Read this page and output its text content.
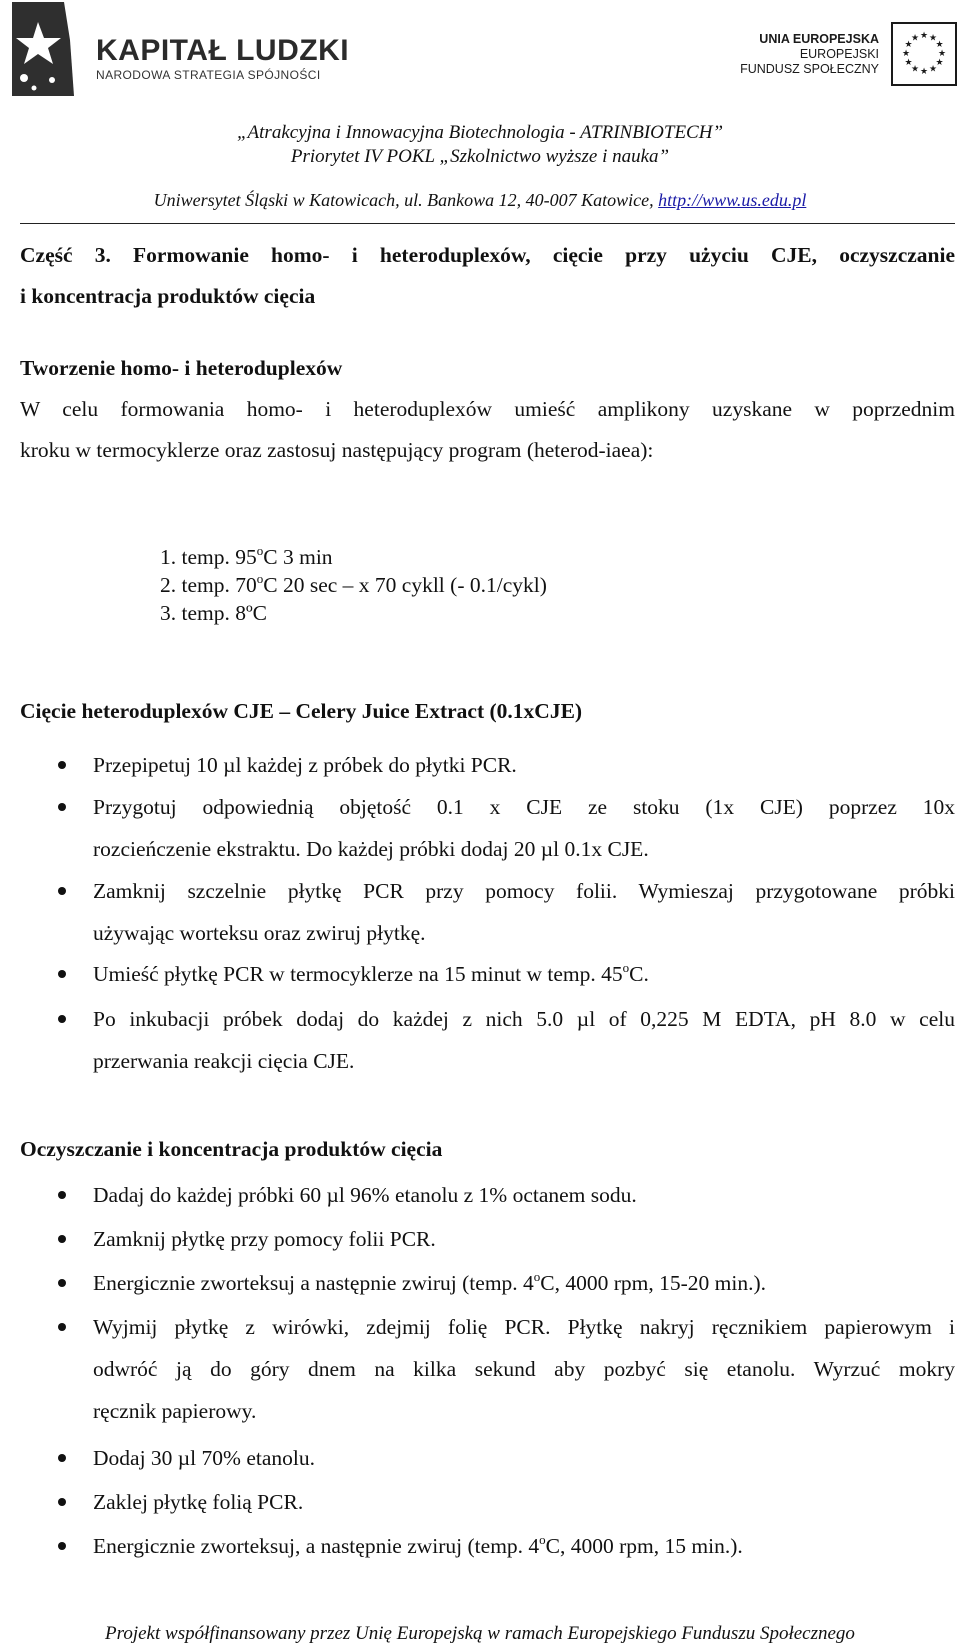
KAPITAŁ LUDZKI
NARODOWA STRATEGIA SPÓJNOŚCI
UNIA EUROPEJSKA
EUROPEJSKI
FUNDUSZ SPOŁECZNY
★ ★
★
★
★
★
★
★
★
★
★
★
„Atrakcyjna i Innowacyjna Biotechnologia - ATRINBIOTECH”
Priorytet IV POKL „Szkolnictwo wyższe i nauka”
Uniwersytet Śląski w Katowicach, ul. Bankowa 12, 40-007 Katowice, http://www.us.edu.pl
Część 3. Formowanie homo- i heteroduplexów, cięcie przy użyciu CJE, oczyszczanie
i koncentracja produktów cięcia
Tworzenie homo- i heteroduplexów
W celu formowania homo- i heteroduplexów umieść amplikony uzyskane w poprzednim
kroku w termocyklerze oraz zastosuj następujący program (heterod-iaea):
1. temp. 95$^o$C 3 min
2. temp. 70$^o$C 20 sec – x 70 cykll (- 0.1/cykl)
3. temp. 8ºC
Cięcie heteroduplexów CJE – Celery Juice Extract (0.1xCJE)
Przepipetuj 10 µl każdej z próbek do płytki PCR.
Przygotuj odpowiednią objętość 0.1 x CJE ze stoku (1x CJE) poprzez 10x
rozcieńczenie ekstraktu. Do każdej próbki dodaj 20 µl 0.1x CJE.
Zamknij szczelnie płytkę PCR przy pomocy folii. Wymieszaj przygotowane próbki
używając worteksu oraz zwiruj płytkę.
Umieść płytkę PCR w termocyklerze na 15 minut w temp. 45$^o$C.
Po inkubacji próbek dodaj do każdej z nich 5.0 µl of 0,225 M EDTA, pH 8.0 w celu
przerwania reakcji cięcia CJE.
Oczyszczanie i koncentracja produktów cięcia
Dadaj do każdej próbki 60 µl 96% etanolu z 1% octanem sodu.
Zamknij płytkę przy pomocy folii PCR.
Energicznie zworteksuj a następnie zwiruj (temp. 4$^o$C, 4000 rpm, 15-20 min.).
Wyjmij płytkę z wirówki, zdejmij folię PCR. Płytkę nakryj ręcznikiem papierowym i
odwróć ją do góry dnem na kilka sekund aby pozbyć się etanolu. Wyrzuć mokry
ręcznik papierowy.
Dodaj 30 µl 70% etanolu.
Zaklej płytkę folią PCR.
Energicznie zworteksuj, a następnie zwiruj (temp. 4$^o$C, 4000 rpm, 15 min.).
Projekt współfinansowany przez Unię Europejską w ramach Europejskiego Funduszu Społecznego
